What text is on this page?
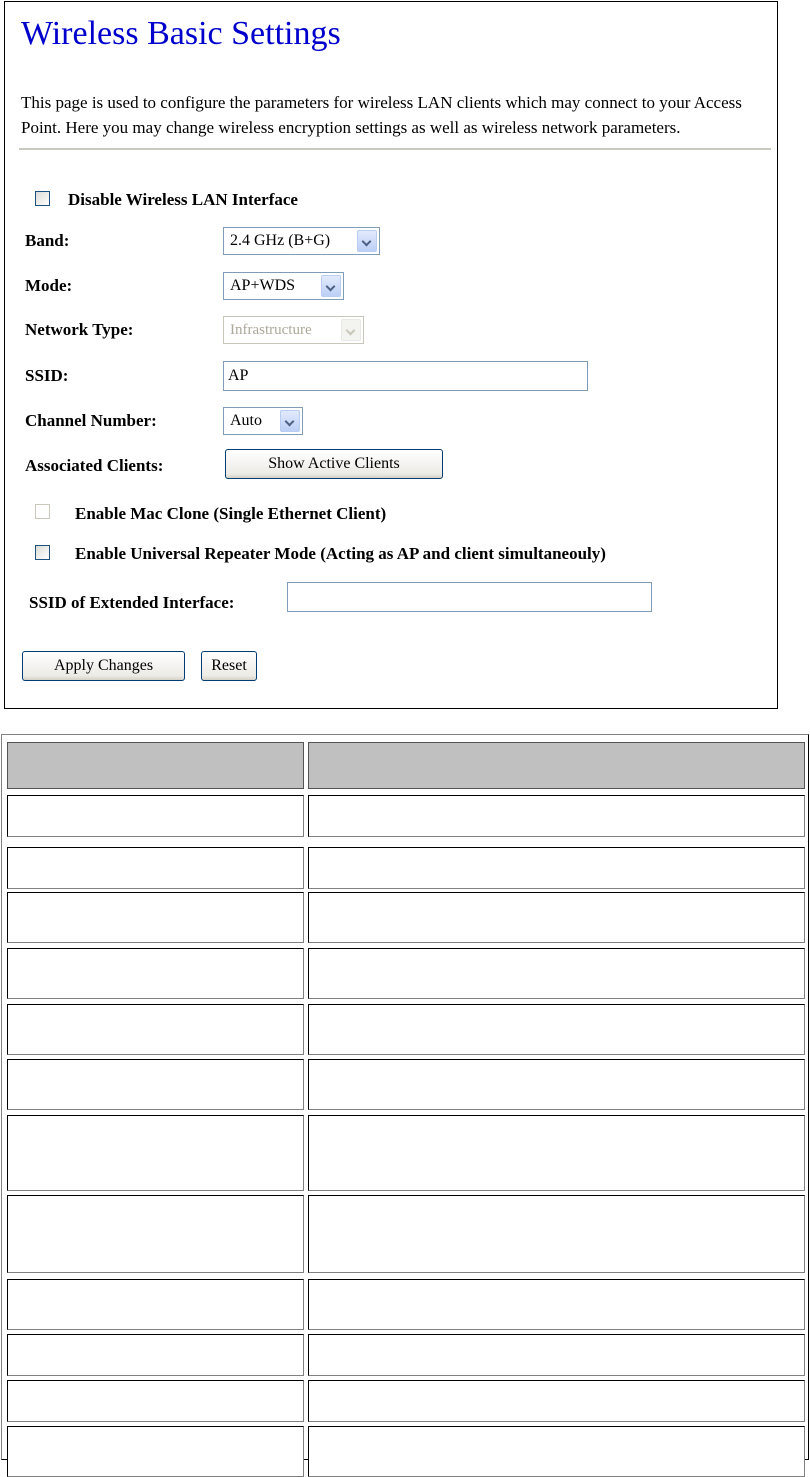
Wireless Basic Settings

This page is used to configure the parameters for wireless LAN clients which may connect to your Access Point. Here you may change wireless encryption settings as well as wireless network parameters.

Disable Wireless LAN Interface
Band:	2.4 GHz (B+G)
Mode:	AP+WDS
Network Type:	Infrastructure
SSID:	AP
Channel Number:	Auto
Associated Clients:	Show Active Clients
Enable Mac Clone (Single Ethernet Client)
Enable Universal Repeater Mode (Acting as AP and client simultaneouly)
SSID of Extended Interface:
Apply Changes	Reset
